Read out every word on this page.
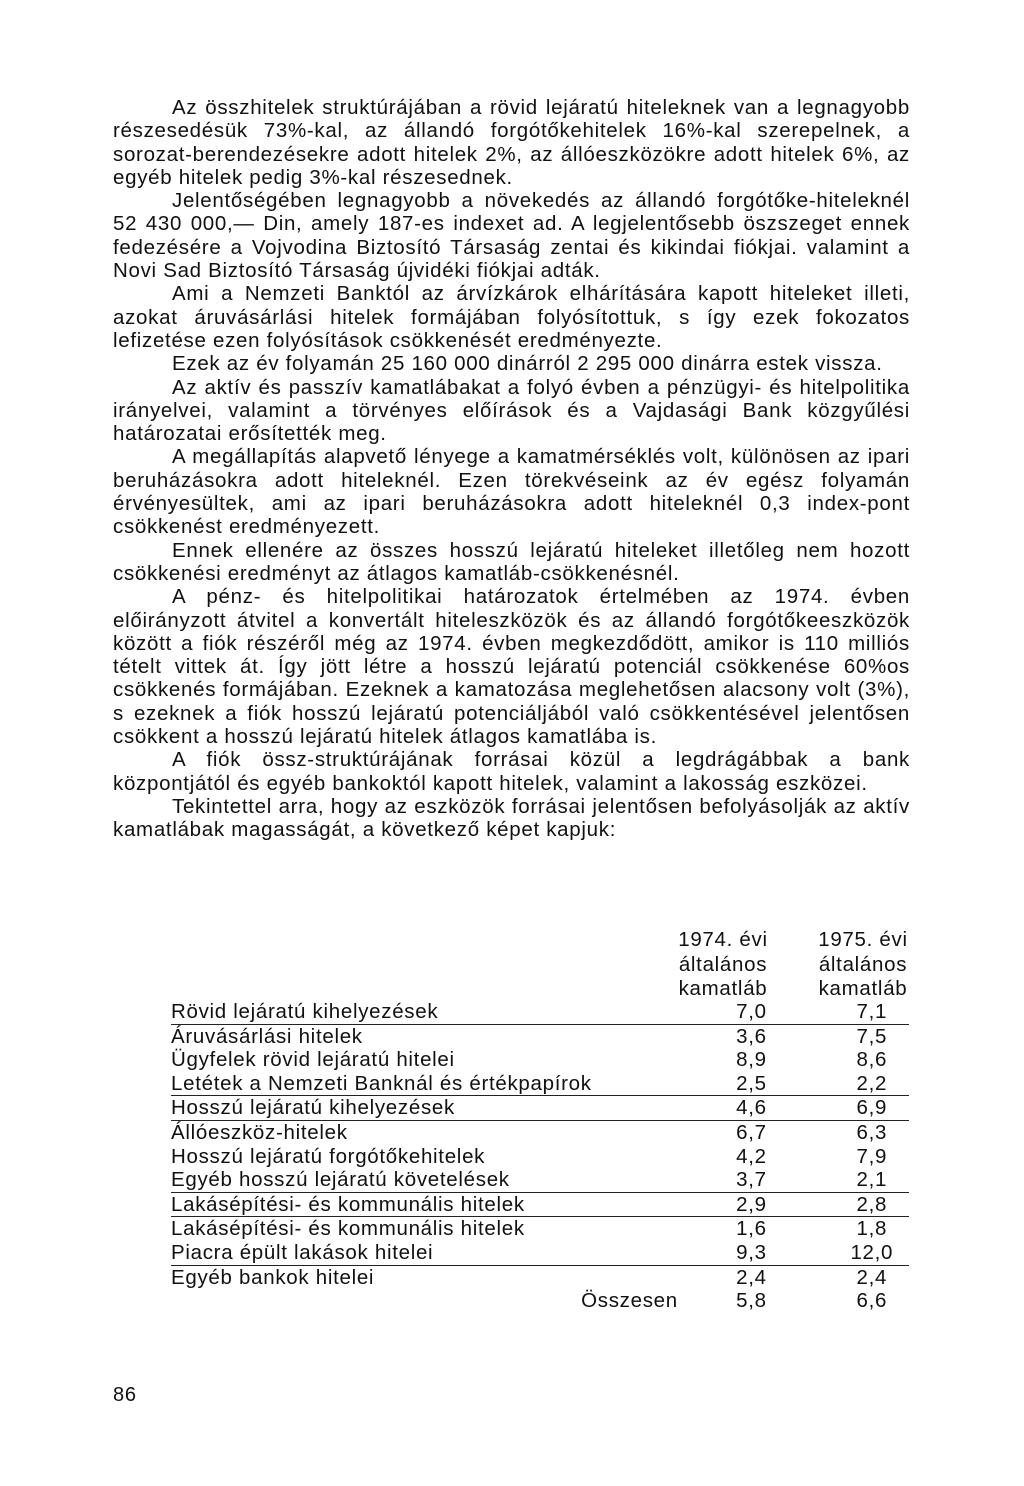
Az összhitelek struktúrájában a rövid lejáratú hiteleknek van a legnagyobb részesedésük 73%-kal, az állandó forgótőkehitelek 16%-kal szerepelnek, a sorozat-berendezésekre adott hitelek 2%, az állóeszközökre adott hitelek 6%, az egyéb hitelek pedig 3%-kal részesednek.

Jelentőségében legnagyobb a növekedés az állandó forgótőke-hiteleknél 52 430 000,— Din, amely 187-es indexet ad. A legjelentősebb öszszeget ennek fedezésére a Vojvodina Biztosító Társaság zentai és kikindai fiókjai. valamint a Novi Sad Biztosító Társaság újvidéki fiókjai adták.

Ami a Nemzeti Banktól az árvízkárok elhárítására kapott hiteleket illeti, azokat áruvásárlási hitelek formájában folyósítottuk, s így ezek fokozatos lefizetése ezen folyósítások csökkenését eredményezte.

Ezek az év folyamán 25 160 000 dinárról 2 295 000 dinárra estek vissza.

Az aktív és passzív kamatlábakat a folyó évben a pénzügyi- és hitelpolitika irányelvei, valamint a törvényes előírások és a Vajdasági Bank közgyűlési határozatai erősítették meg.

A megállapítás alapvető lényege a kamatmérséklés volt, különösen az ipari beruházásokra adott hiteleknél. Ezen törekvéseink az év egész folyamán érvényesültek, ami az ipari beruházásokra adott hiteleknél 0,3 index-pont csökkenést eredményezett.

Ennek ellenére az összes hosszú lejáratú hiteleket illetőleg nem hozott csökkenési eredményt az átlagos kamatláb-csökkenésnél.

A pénz- és hitelpolitikai határozatok értelmében az 1974. évben előirányzott átvitel a konvertált hiteleszközök és az állandó forgótőkeeszközök között a fiók részéről még az 1974. évben megkezdődött, amikor is 110 milliós tételt vittek át. Így jött létre a hosszú lejáratú potenciál csökkenése 60%os csökkenés formájában. Ezeknek a kamatozása meglehetősen alacsony volt (3%), s ezeknek a fiók hosszú lejáratú potenciáljából való csökkentésével jelentősen csökkent a hosszú lejáratú hitelek átlagos kamatlába is.

A fiók össz-struktúrájának forrásai közül a legdrágábbak a bank központjától és egyéb bankoktól kapott hitelek, valamint a lakosság eszközei.

Tekintettel arra, hogy az eszközök forrásai jelentősen befolyásolják az aktív kamatlábak magasságát, a következő képet kapjuk:

1974. évi
általános
kamatláb
1975. évi
általános
kamatláb
Rövid lejáratú kihelyezések	7,0		7,1
Áruvásárlási hitelek	3,6		7,5
Ügyfelek rövid lejáratú hitelei	8,9		8,6
Letétek a Nemzeti Banknál és értékpapírok	2,5		2,2
Hosszú lejáratú kihelyezések	4,6		6,9
Állóeszköz-hitelek	6,7		6,3
Hosszú lejáratú forgótőkehitelek	4,2		7,9
Egyéb hosszú lejáratú követelések	3,7		2,1
Lakásépítési- és kommunális hitelek	2,9		2,8
Lakásépítési- és kommunális hitelek	1,6		1,8
Piacra épült lakások hitelei	9,3		12,0
Egyéb bankok hitelei	2,4		2,4
Összesen	5,8		6,6
86
